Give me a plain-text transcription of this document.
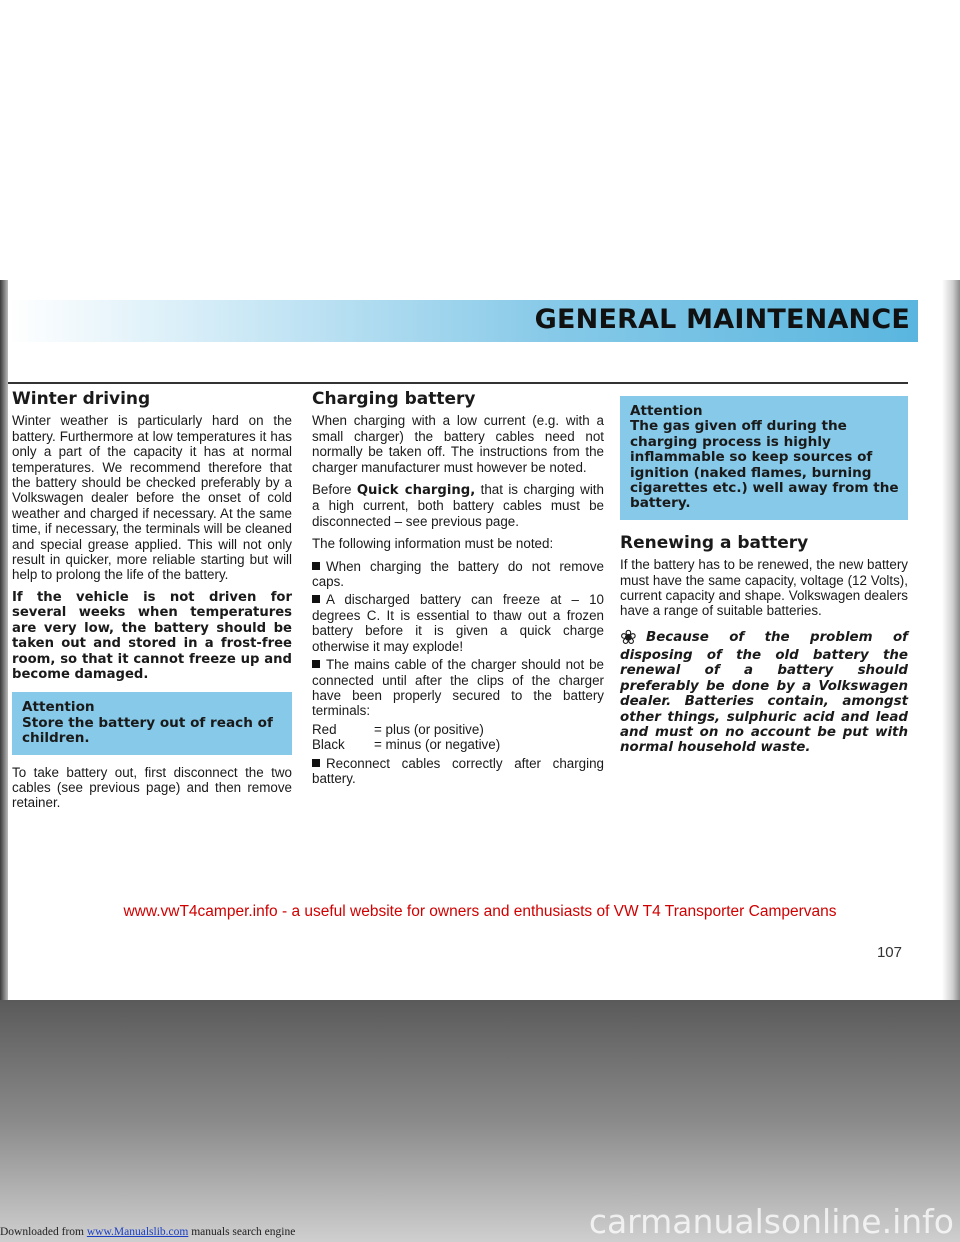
GENERAL MAINTENANCE
Winter driving

Winter weather is particularly hard on the battery. Furthermore at low temperatures it has only a part of the capacity it has at normal temperatures. We recommend therefore that the battery should be checked preferably by a Volkswagen dealer before the onset of cold weather and charged if necessary. At the same time, if necessary, the terminals will be cleaned and special grease applied. This will not only result in quicker, more reliable starting but will help to prolong the life of the battery.

If the vehicle is not driven for several weeks when temperatures are very low, the battery should be taken out and stored in a frost-free room, so that it cannot freeze up and become damaged.

Attention
Store the battery out of reach of children.

To take battery out, first disconnect the two cables (see previous page) and then remove retainer.

Charging battery

When charging with a low current (e.g. with a small charger) the battery cables need not normally be taken off. The instructions from the charger manufacturer must however be noted.

Before Quick charging, that is charging with a high current, both battery cables must be disconnected – see previous page.

The following information must be noted:

When charging the battery do not remove caps.
A discharged battery can freeze at – 10 degrees C. It is essential to thaw out a frozen battery before it is given a quick charge otherwise it may explode!
The mains cable of the charger should not be connected until after the clips of the charger have been properly secured to the battery terminals:
Red	= plus (or positive)
Black	= minus (or negative)
Reconnect cables correctly after charging battery.
Attention
The gas given off during the charging process is highly inflammable so keep sources of ignition (naked flames, burning cigarettes etc.) well away from the battery.
Renewing a battery

If the battery has to be renewed, the new battery must have the same capacity, voltage (12 Volts), current capacity and shape. Volkswagen dealers have a range of suitable batteries.

❀ Because of the problem of disposing of the old battery the renewal of a battery should preferably be done by a Volkswagen dealer. Batteries contain, amongst other things, sulphuric acid and lead and must on no account be put with normal household waste.

www.vwT4camper.info - a useful website for owners and enthusiasts of VW T4 Transporter Campervans
107
carmanualsonline.info
Downloaded from www.Manualslib.com manuals search engine
